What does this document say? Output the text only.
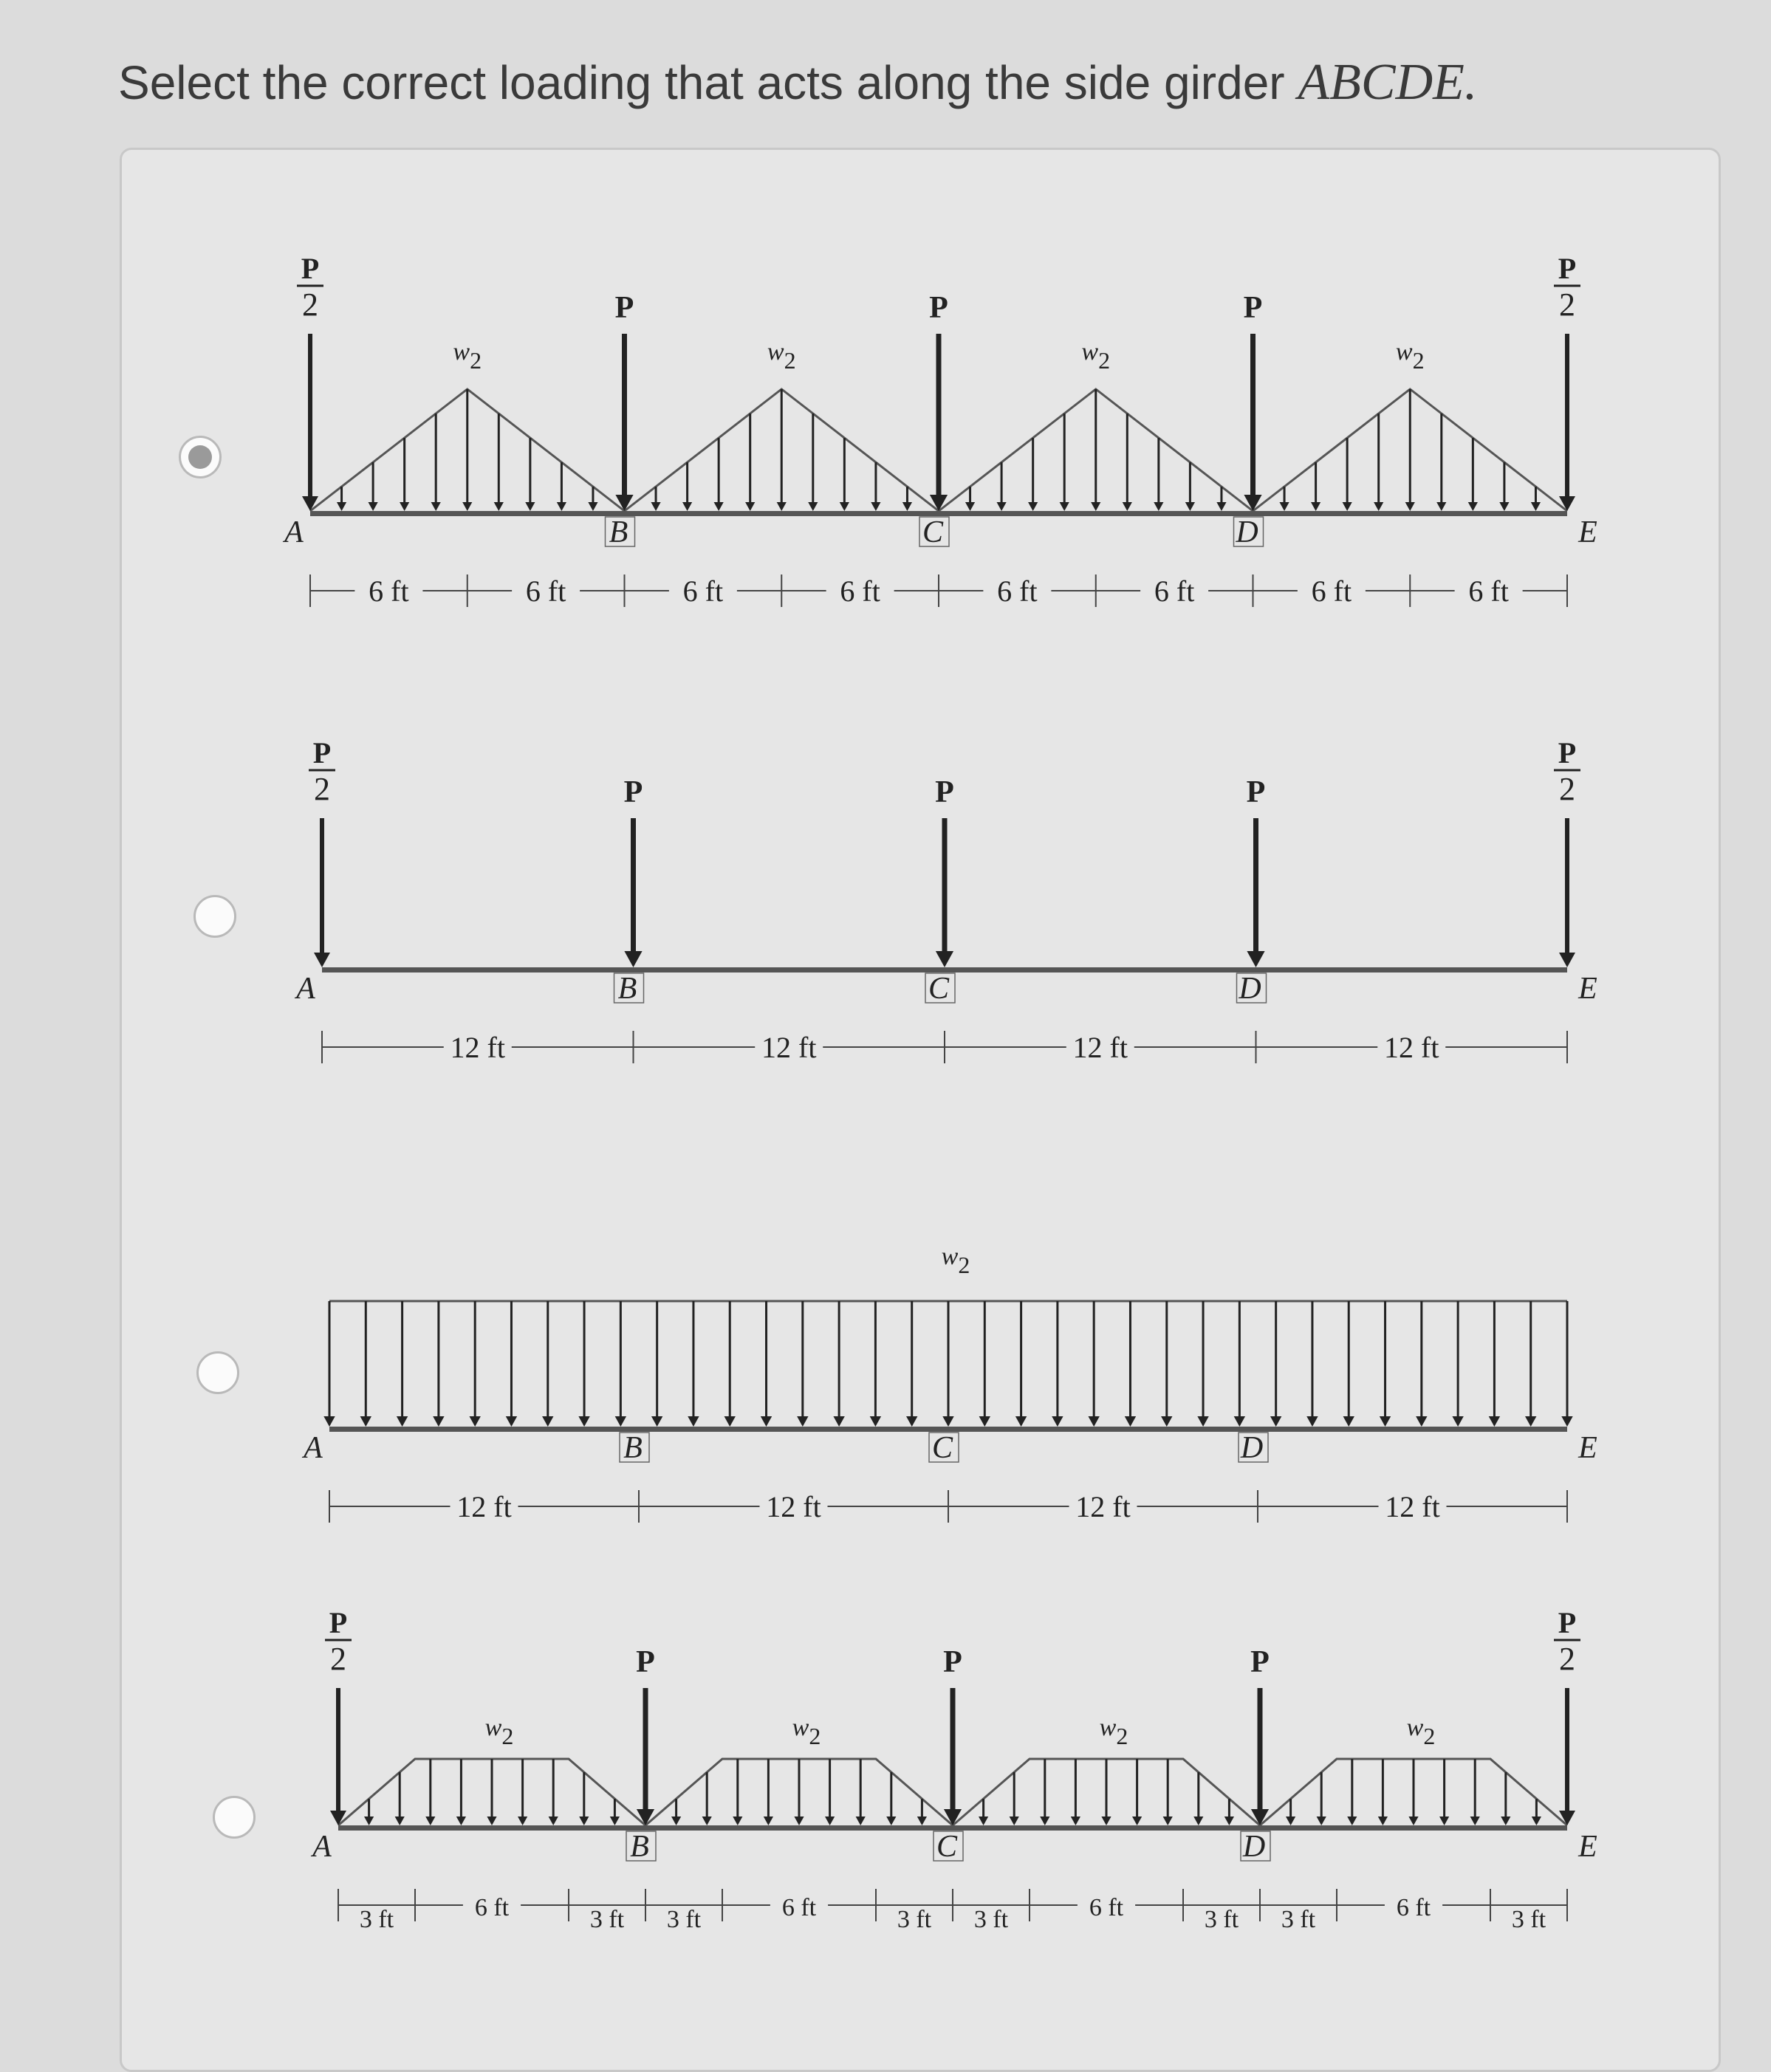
Select the correct loading that acts along the side girder ABCDE.
A	B	C	D	E
w2	w2	w2	w2
P
2
P
2
P	P	P
6 ft	6 ft	6 ft	6 ft	6 ft	6 ft	6 ft	6 ft
A	B	C	D	E
P
2
P
2
P	P	P
12 ft	12 ft	12 ft	12 ft
A	B	C	D	E
w2
12 ft	12 ft	12 ft	12 ft
A	B	C	D	E
w2	w2	w2	w2
P
2
P
2
P	P	P
3 ft	6 ft	3 ft 3 ft	6 ft	3 ft 3 ft	6 ft	3 ft 3 ft	6 ft	3 ft
